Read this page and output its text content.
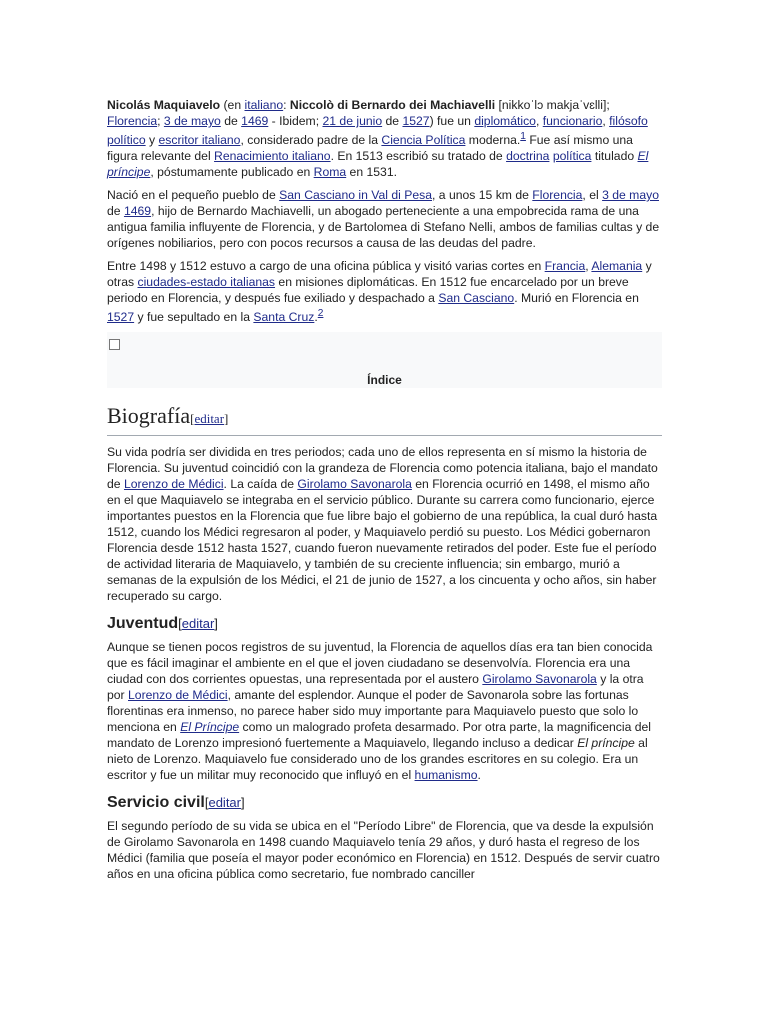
Nicolás Maquiavelo (en italiano: Niccolò di Bernardo dei Machiavelli [nikkoˈlɔ makjaˈvɛlli]; Florencia; 3 de mayo de 1469 - Ibidem; 21 de junio de 1527) fue un diplomático, funcionario, filósofo político y escritor italiano, considerado padre de la Ciencia Política moderna.$^1$ Fue así mismo una figura relevante del Renacimiento italiano. En 1513 escribió su tratado de doctrina política titulado El príncipe, póstumamente publicado en Roma en 1531.

Nació en el pequeño pueblo de San Casciano in Val di Pesa, a unos 15 km de Florencia, el 3 de mayo de 1469, hijo de Bernardo Machiavelli, un abogado perteneciente a una empobrecida rama de una antigua familia influyente de Florencia, y de Bartolomea di Stefano Nelli, ambos de familias cultas y de orígenes nobiliarios, pero con pocos recursos a causa de las deudas del padre.

Entre 1498 y 1512 estuvo a cargo de una oficina pública y visitó varias cortes en Francia, Alemania y otras ciudades-estado italianas en misiones diplomáticas. En 1512 fue encarcelado por un breve periodo en Florencia, y después fue exiliado y despachado a San Casciano. Murió en Florencia en 1527 y fue sepultado en la Santa Cruz.$^2$

Índice
Biografía[editar]

Su vida podría ser dividida en tres periodos; cada uno de ellos representa en sí mismo la historia de Florencia. Su juventud coincidió con la grandeza de Florencia como potencia italiana, bajo el mandato de Lorenzo de Médici. La caída de Girolamo Savonarola en Florencia ocurrió en 1498, el mismo año en el que Maquiavelo se integraba en el servicio público. Durante su carrera como funcionario, ejerce importantes puestos en la Florencia que fue libre bajo el gobierno de una república, la cual duró hasta 1512, cuando los Médici regresaron al poder, y Maquiavelo perdió su puesto. Los Médici gobernaron Florencia desde 1512 hasta 1527, cuando fueron nuevamente retirados del poder. Este fue el período de actividad literaria de Maquiavelo, y también de su creciente influencia; sin embargo, murió a semanas de la expulsión de los Médici, el 21 de junio de 1527, a los cincuenta y ocho años, sin haber recuperado su cargo.

Juventud[editar]

Aunque se tienen pocos registros de su juventud, la Florencia de aquellos días era tan bien conocida que es fácil imaginar el ambiente en el que el joven ciudadano se desenvolvía. Florencia era una ciudad con dos corrientes opuestas, una representada por el austero Girolamo Savonarola y la otra por Lorenzo de Médici, amante del esplendor. Aunque el poder de Savonarola sobre las fortunas florentinas era inmenso, no parece haber sido muy importante para Maquiavelo puesto que solo lo menciona en El Príncipe como un malogrado profeta desarmado. Por otra parte, la magnificencia del mandato de Lorenzo impresionó fuertemente a Maquiavelo, llegando incluso a dedicar El príncipe al nieto de Lorenzo. Maquiavelo fue considerado uno de los grandes escritores en su colegio. Era un escritor y fue un militar muy reconocido que influyó en el humanismo.

Servicio civil[editar]

El segundo período de su vida se ubica en el "Período Libre" de Florencia, que va desde la expulsión de Girolamo Savonarola en 1498 cuando Maquiavelo tenía 29 años, y duró hasta el regreso de los Médici (familia que poseía el mayor poder económico en Florencia) en 1512. Después de servir cuatro años en una oficina pública como secretario, fue nombrado canciller
